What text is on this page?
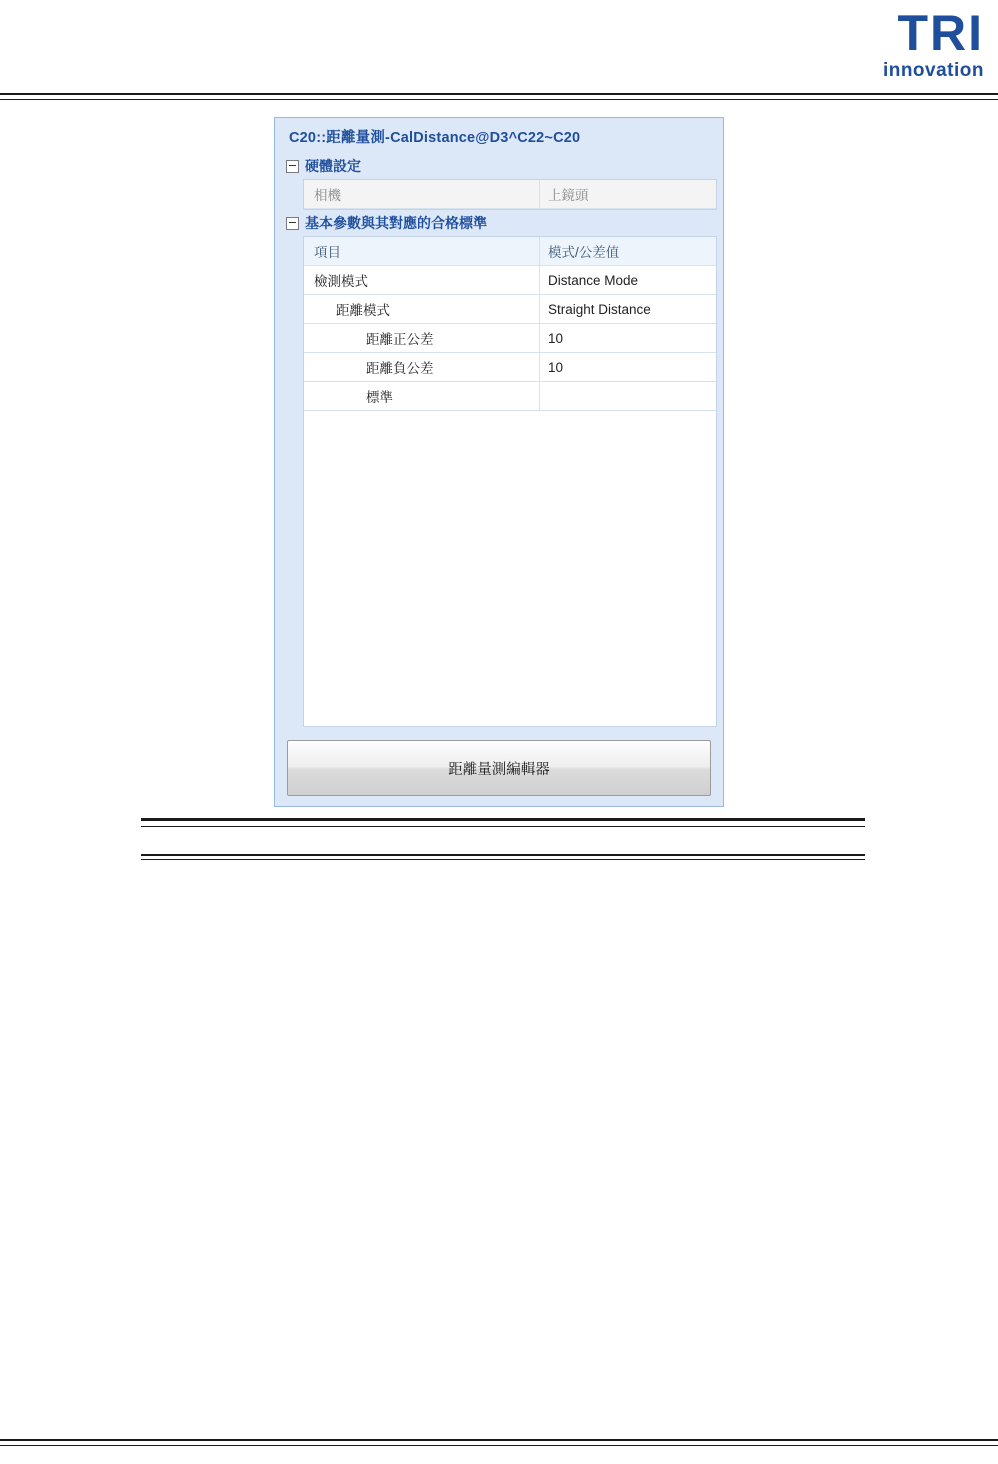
TRI
innovation
C20::距離量測-CalDistance@D3^C22~C20
硬體設定
相機	上鏡頭
基本參數與其對應的合格標準
項目	模式/公差值
檢測模式	Distance Mode
距離模式	Straight Distance
距離正公差	10
距離負公差	10
標準
距離量測編輯器
